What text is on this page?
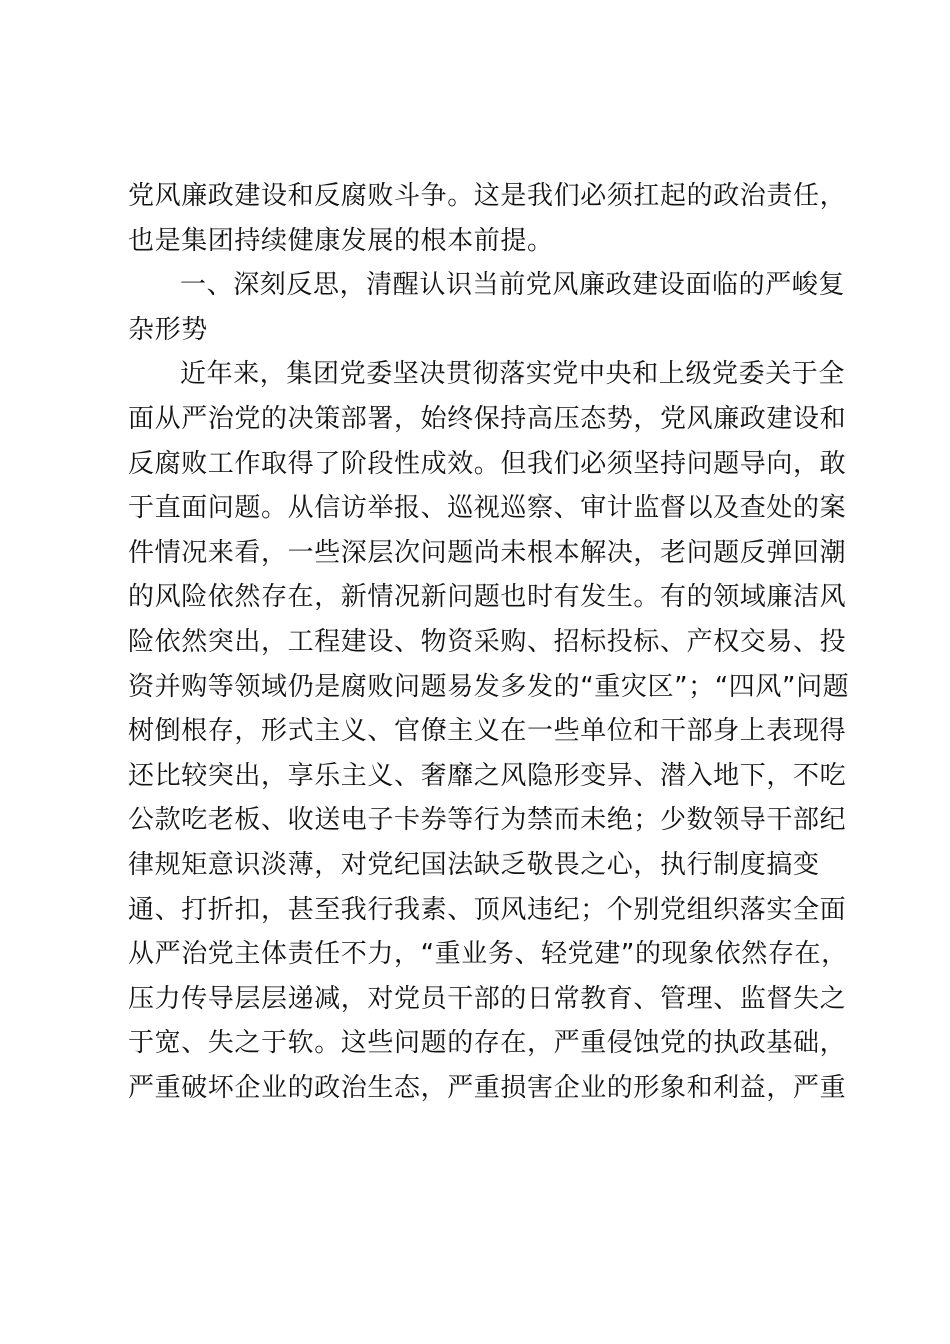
党风廉政建设和反腐败斗争。这是我们必须扛起的政治责任，
也是集团持续健康发展的根本前提。
一、深刻反思，清醒认识当前党风廉政建设面临的严峻复
杂形势
近年来，集团党委坚决贯彻落实党中央和上级党委关于全
面从严治党的决策部署，始终保持高压态势，党风廉政建设和
反腐败工作取得了阶段性成效。但我们必须坚持问题导向，敢
于直面问题。从信访举报、巡视巡察、审计监督以及查处的案
件情况来看，一些深层次问题尚未根本解决，老问题反弹回潮
的风险依然存在，新情况新问题也时有发生。有的领域廉洁风
险依然突出，工程建设、物资采购、招标投标、产权交易、投
资并购等领域仍是腐败问题易发多发的“重灾区”；“四风”问题
树倒根存，形式主义、官僚主义在一些单位和干部身上表现得
还比较突出，享乐主义、奢靡之风隐形变异、潜入地下，不吃
公款吃老板、收送电子卡券等行为禁而未绝；少数领导干部纪
律规矩意识淡薄，对党纪国法缺乏敬畏之心，执行制度搞变
通、打折扣，甚至我行我素、顶风违纪；个别党组织落实全面
从严治党主体责任不力，“重业务、轻党建”的现象依然存在，
压力传导层层递减，对党员干部的日常教育、管理、监督失之
于宽、失之于软。这些问题的存在，严重侵蚀党的执政基础，
严重破坏企业的政治生态，严重损害企业的形象和利益，严重
